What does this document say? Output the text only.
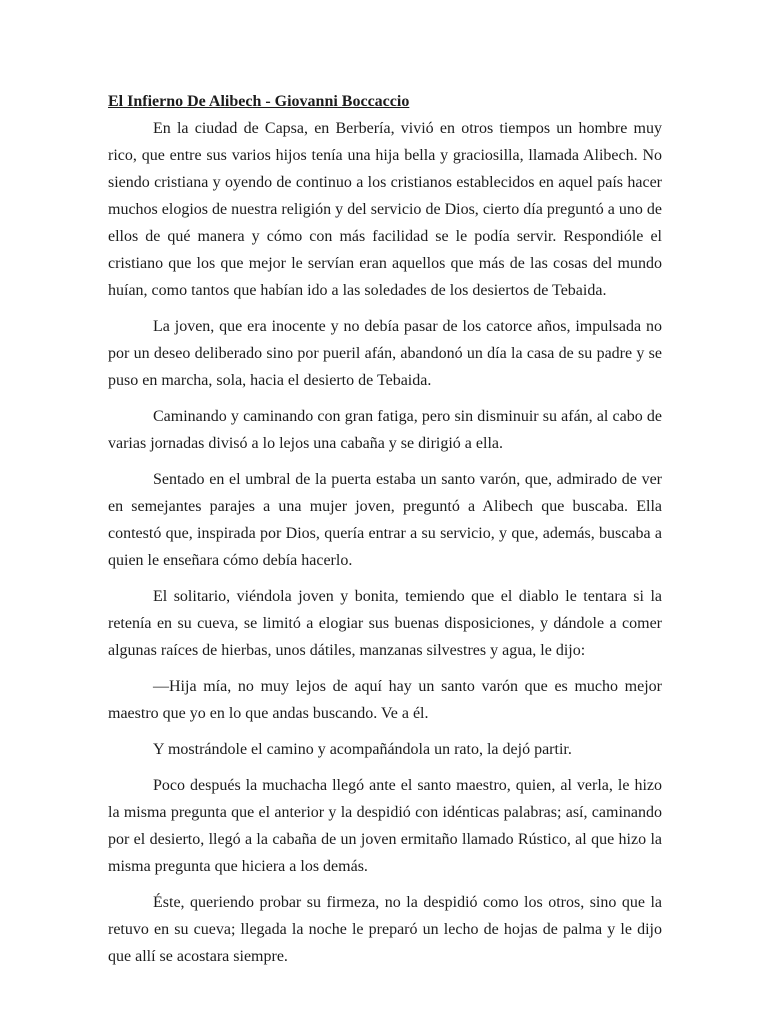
El Infierno De Alibech - Giovanni Boccaccio

En la ciudad de Capsa, en Berbería, vivió en otros tiempos un hombre muy rico, que entre sus varios hijos tenía una hija bella y graciosilla, llamada Alibech. No siendo cristiana y oyendo de continuo a los cristianos establecidos en aquel país hacer muchos elogios de nuestra religión y del servicio de Dios, cierto día preguntó a uno de ellos de qué manera y cómo con más facilidad se le podía servir. Respondióle el cristiano que los que mejor le servían eran aquellos que más de las cosas del mundo huían, como tantos que habían ido a las soledades de los desiertos de Tebaida.

La joven, que era inocente y no debía pasar de los catorce años, impulsada no por un deseo deliberado sino por pueril afán, abandonó un día la casa de su padre y se puso en marcha, sola, hacia el desierto de Tebaida.

Caminando y caminando con gran fatiga, pero sin disminuir su afán, al cabo de varias jornadas divisó a lo lejos una cabaña y se dirigió a ella.

Sentado en el umbral de la puerta estaba un santo varón, que, admirado de ver en semejantes parajes a una mujer joven, preguntó a Alibech que buscaba. Ella contestó que, inspirada por Dios, quería entrar a su servicio, y que, además, buscaba a quien le enseñara cómo debía hacerlo.

El solitario, viéndola joven y bonita, temiendo que el diablo le tentara si la retenía en su cueva, se limitó a elogiar sus buenas disposiciones, y dándole a comer algunas raíces de hierbas, unos dátiles, manzanas silvestres y agua, le dijo:

—Hija mía, no muy lejos de aquí hay un santo varón que es mucho mejor maestro que yo en lo que andas buscando. Ve a él.

Y mostrándole el camino y acompañándola un rato, la dejó partir.

Poco después la muchacha llegó ante el santo maestro, quien, al verla, le hizo la misma pregunta que el anterior y la despidió con idénticas palabras; así, caminando por el desierto, llegó a la cabaña de un joven ermitaño llamado Rústico, al que hizo la misma pregunta que hiciera a los demás.

Éste, queriendo probar su firmeza, no la despidió como los otros, sino que la retuvo en su cueva; llegada la noche le preparó un lecho de hojas de palma y le dijo que allí se acostara siempre.
